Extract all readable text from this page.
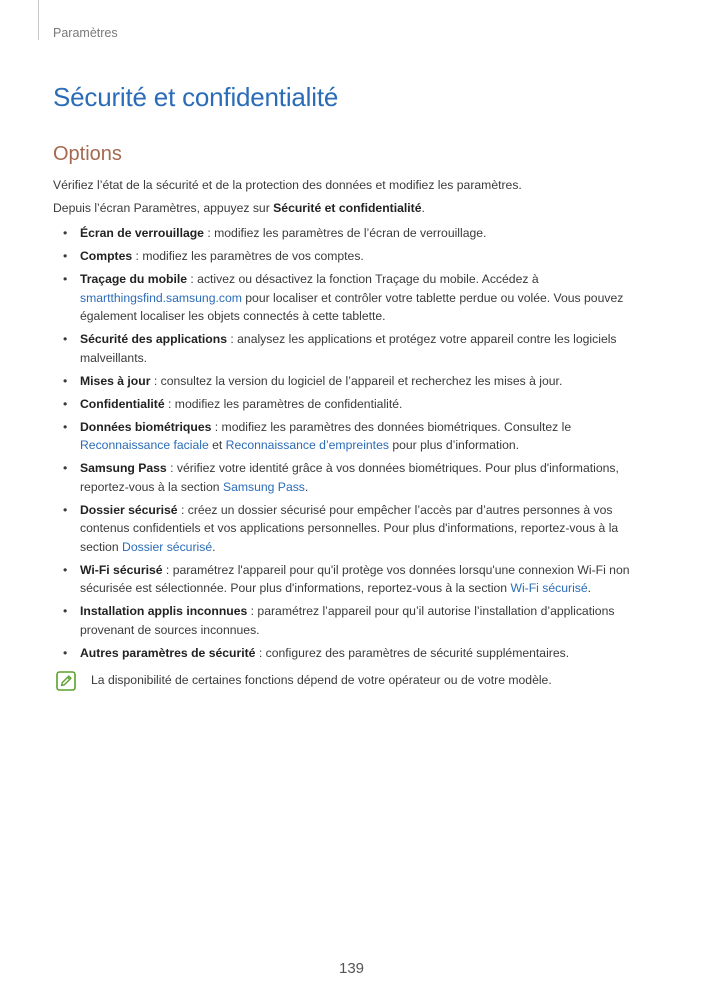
Paramètres
Sécurité et confidentialité
Options

Vérifiez l’état de la sécurité et de la protection des données et modifiez les paramètres.

Depuis l’écran Paramètres, appuyez sur Sécurité et confidentialité.

• Écran de verrouillage : modifiez les paramètres de l’écran de verrouillage.
• Comptes : modifiez les paramètres de vos comptes.
• Traçage du mobile : activez ou désactivez la fonction Traçage du mobile. Accédez à smartthingsfind.samsung.com pour localiser et contrôler votre tablette perdue ou volée. Vous pouvez également localiser les objets connectés à cette tablette.
• Sécurité des applications : analysez les applications et protégez votre appareil contre les logiciels malveillants.
• Mises à jour : consultez la version du logiciel de l’appareil et recherchez les mises à jour.
• Confidentialité : modifiez les paramètres de confidentialité.
• Données biométriques : modifiez les paramètres des données biométriques. Consultez le Reconnaissance faciale et Reconnaissance d’empreintes pour plus d’information.
• Samsung Pass : vérifiez votre identité grâce à vos données biométriques. Pour plus d'informations, reportez-vous à la section Samsung Pass.
• Dossier sécurisé : créez un dossier sécurisé pour empêcher l’accès par d’autres personnes à vos contenus confidentiels et vos applications personnelles. Pour plus d'informations, reportez-vous à la section Dossier sécurisé.
• Wi-Fi sécurisé : paramétrez l'appareil pour qu'il protège vos données lorsqu'une connexion Wi-Fi non sécurisée est sélectionnée. Pour plus d'informations, reportez-vous à la section Wi-Fi sécurisé.
• Installation applis inconnues : paramétrez l’appareil pour qu’il autorise l’installation d’applications provenant de sources inconnues.
• Autres paramètres de sécurité : configurez des paramètres de sécurité supplémentaires.
La disponibilité de certaines fonctions dépend de votre opérateur ou de votre modèle.
139
